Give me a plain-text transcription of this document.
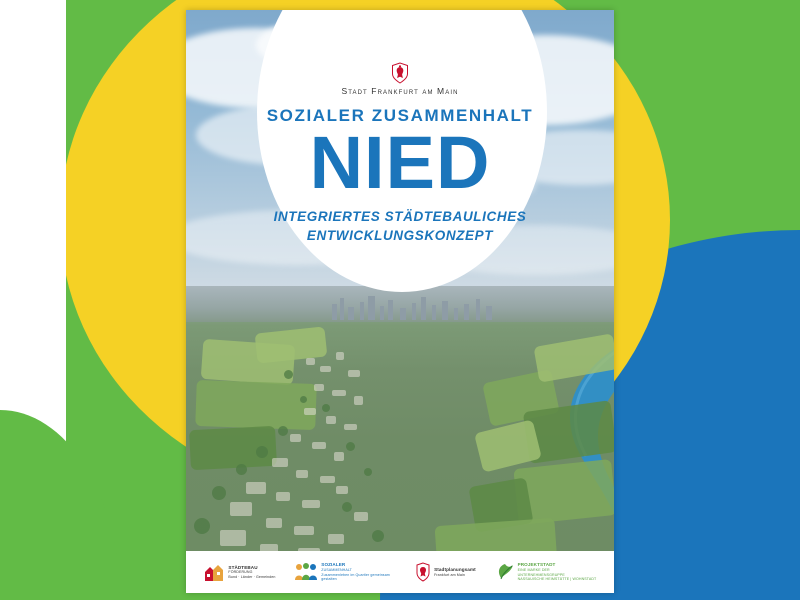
Stadt Frankfurt am Main
SOZIALER ZUSAMMENHALT
NIED
INTEGRIERTES STÄDTEBAULICHES
ENTWICKLUNGSKONZEPT
STÄDTEBAU
FÖRDERUNG
Bund · Länder · Gemeinden
SOZIALER
ZUSAMMENHALT
Zusammenleben im Quartier gemeinsam gestalten
Stadtplanungsamt
Frankfurt am Main
PROJEKTSTADT
EINE MARKE DER UNTERNEHMENSGRUPPE
NASSAUISCHE HEIMSTÄTTE | WOHNSTADT
